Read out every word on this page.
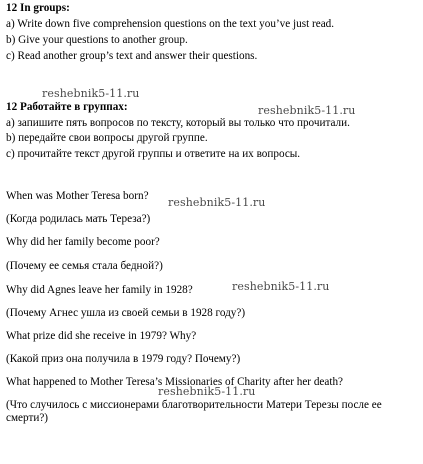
12 In groups:
a) Write down five comprehension questions on the text you’ve just read.
b) Give your questions to another group.
c) Read another group’s text and answer their questions.
reshebnik5-11.ru
reshebnik5-11.ru
12 Работайте в группах:
а) запишите пять вопросов по тексту, который вы только что прочитали.
b) передайте свои вопросы другой группе.
с) прочитайте текст другой группы и ответите на их вопросы.
When was Mother Teresa born? reshebnik5-11.ru
(Когда родилась мать Тереза?)
Why did her family become poor?
(Почему ее семья стала бедной?)
Why did Agnes leave her family in 1928?	reshebnik5-11.ru
(Почему Агнес ушла из своей семьи в 1928 году?)
What prize did she receive in 1979? Why?
(Какой приз она получила в 1979 году? Почему?)
What happened to Mother Teresa’s Missionaries of Charity after her death?
reshebnik5-11.ru
(Что случилось с миссионерами благотворительности Матери Терезы после ее смерти?)
